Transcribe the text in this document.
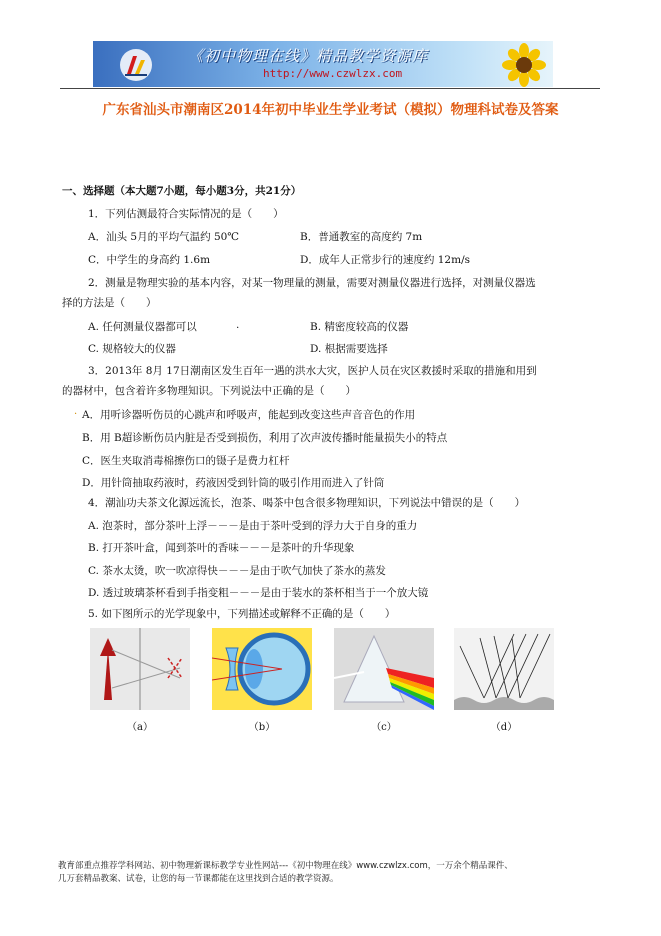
《初中物理在线》精品教学资源库
http://www.czwlzx.com
广东省汕头市潮南区2014年初中毕业生学业考试（模拟）物理科试卷及答案
一、选择题（本大题7小题，每小题3分，共21分）
1．下列估测最符合实际情况的是（　　）
A．汕头 5月的平均气温约 50℃	B．普通教室的高度约 7m
C．中学生的身高约 1.6m	D．成年人正常步行的速度约 12m/s
2．测量是物理实验的基本内容，对某一物理量的测量，需要对测量仪器进行选择，对测量仪器选
择的方法是（　　）
A. 任何测量仪器都可以	.	B. 精密度较高的仪器
C. 规格较大的仪器	D. 根据需要选择
3．2013年 8月 17日潮南区发生百年一遇的洪水大灾，医护人员在灾区救援时采取的措施和用到
的器材中，包含着许多物理知识。下列说法中正确的是（　　）
. A．用听诊器听伤员的心跳声和呼吸声，能起到改变这些声音音色的作用
B．用 B超诊断伤员内脏是否受到损伤，利用了次声波传播时能量损失小的特点
C．医生夹取消毒棉擦伤口的镊子是费力杠杆
D．用针筒抽取药液时，药液因受到针筒的吸引作用而进入了针筒
4．潮汕功夫茶文化源远流长，泡茶、喝茶中包含很多物理知识，下列说法中错误的是（　　）
A. 泡茶时，部分茶叶上浮－－－是由于茶叶受到的浮力大于自身的重力
B. 打开茶叶盒，闻到茶叶的香味－－－是茶叶的升华现象
C. 茶水太烫，吹一吹凉得快－－－是由于吹气加快了茶水的蒸发
D. 透过玻璃茶杯看到手指变粗－－－是由于装水的茶杯相当于一个放大镜
5. 如下图所示的光学现象中，下列描述或解释不正确的是（　　）
（a）	（b）	（c）	（d）
教育部重点推荐学科网站、初中物理新课标教学专业性网站---《初中物理在线》www.czwlzx.com，一万余个精品课件、
几万套精品教案、试卷，让您的每一节课都能在这里找到合适的教学资源。
